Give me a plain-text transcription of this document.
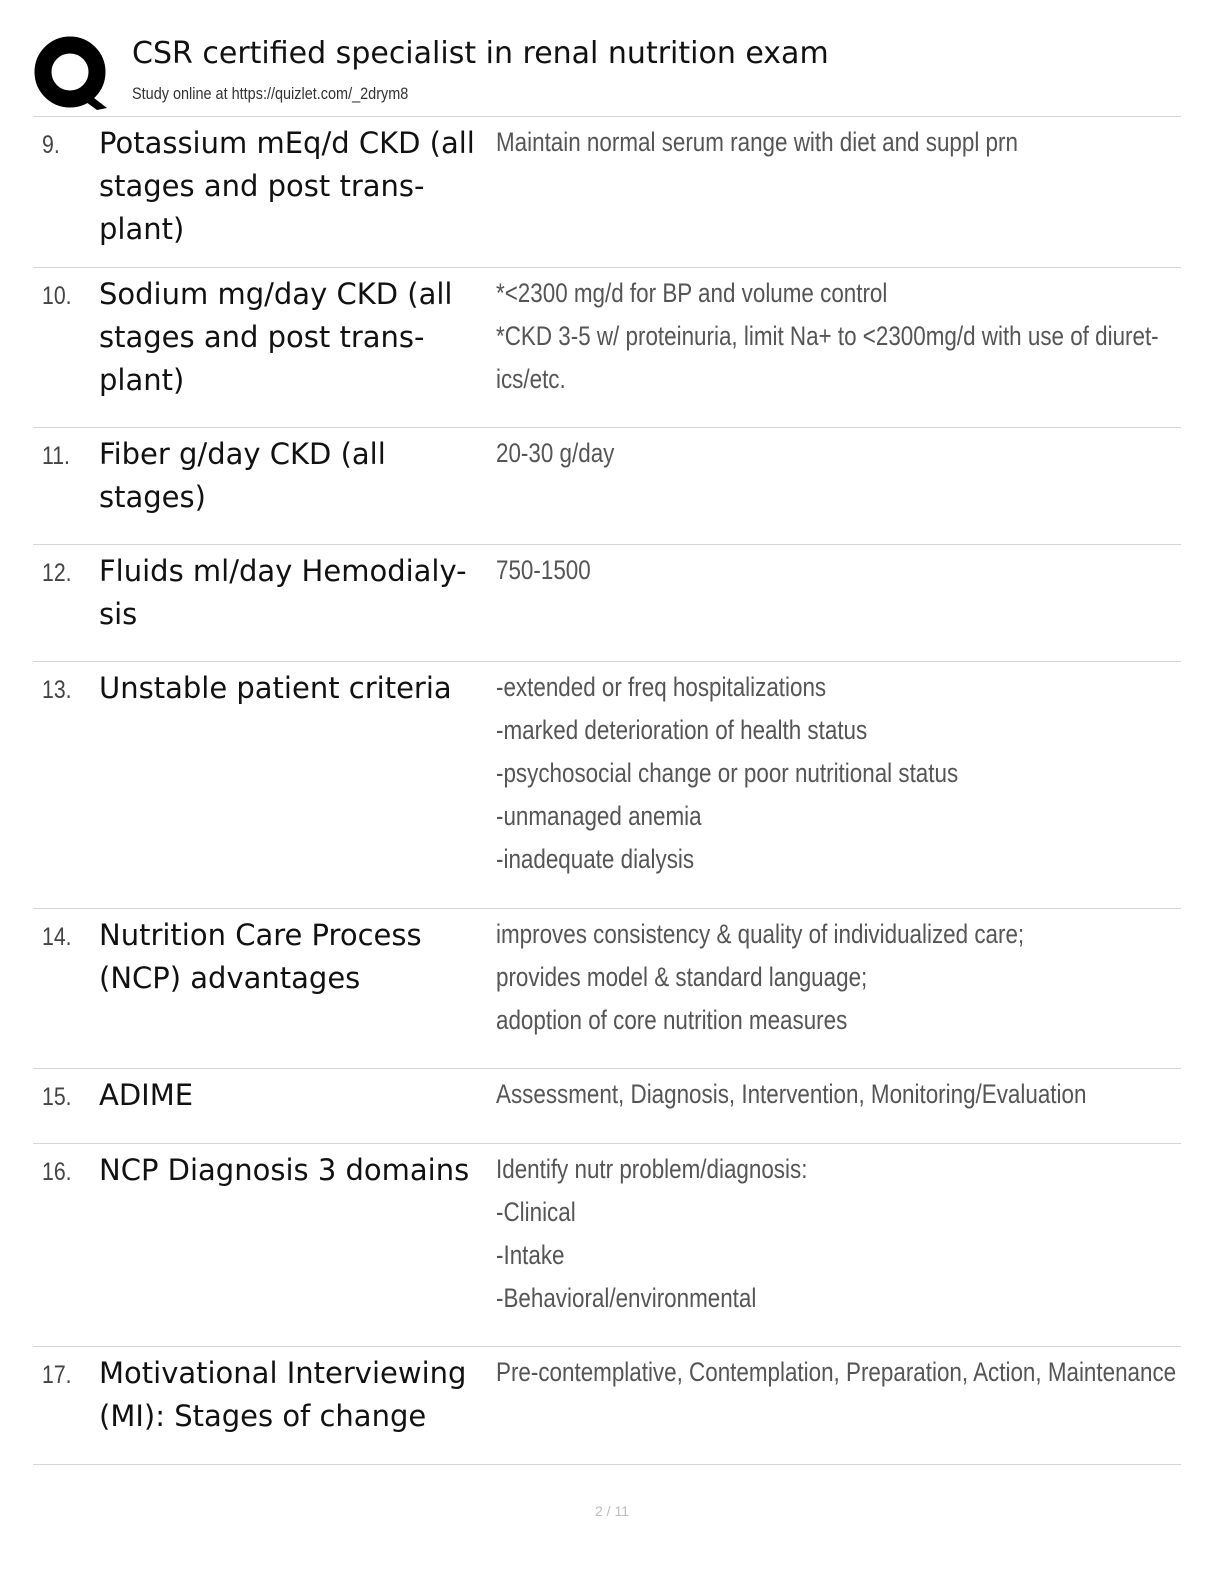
CSR certified specialist in renal nutrition exam
Study online at https://quizlet.com/_2drym8
9. Potassium mEq/d CKD (all stages and post trans-plant)
Maintain normal serum range with diet and suppl prn
10. Sodium mg/day CKD (all stages and post trans-plant)
*<2300 mg/d for BP and volume control
*CKD 3-5 w/ proteinuria, limit Na+ to <2300mg/d with use of diuret-
ics/etc.
11. Fiber g/day CKD (all stages)
20-30 g/day
12. Fluids ml/day Hemodialy-sis
750-1500
13. Unstable patient criteria	-extended or freq hospitalizations
-marked deterioration of health status
-psychosocial change or poor nutritional status
-unmanaged anemia
-inadequate dialysis
14. Nutrition Care Process (NCP) advantages
improves consistency & quality of individualized care;
provides model & standard language;
adoption of core nutrition measures
15. ADIME	Assessment, Diagnosis, Intervention, Monitoring/Evaluation
16. NCP Diagnosis 3 domains Identify nutr problem/diagnosis:
-Clinical
-Intake
-Behavioral/environmental
17. Motivational Interviewing (MI): Stages of change
Pre-contemplative, Contemplation, Preparation, Action, Maintenance
2 / 11
